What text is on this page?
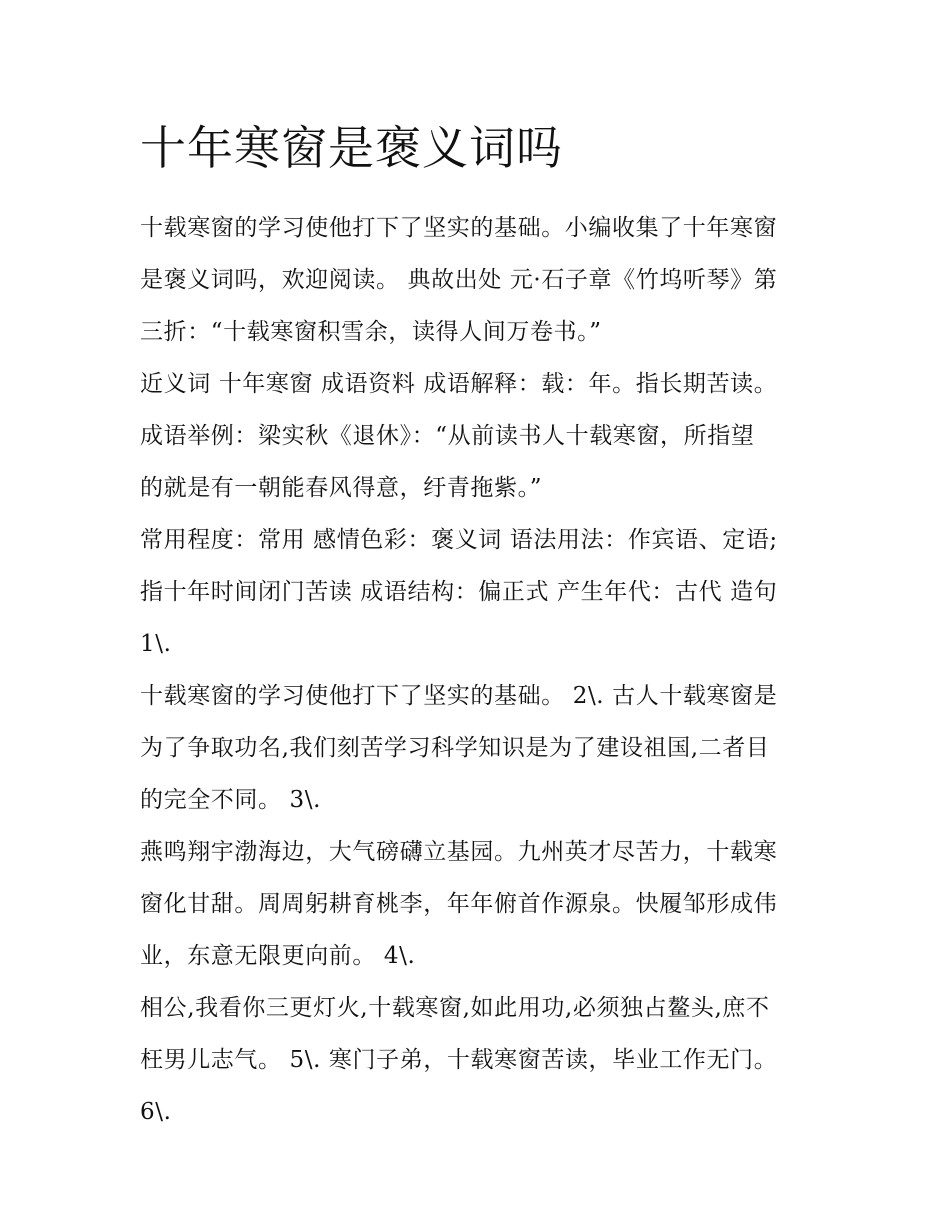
十年寒窗是褒义词吗

十载寒窗的学习使他打下了坚实的基础。小编收集了十年寒窗
是褒义词吗，欢迎阅读。 典故出处 元·石子章《竹坞听琴》第
三折：“十载寒窗积雪余，读得人间万卷书。”

近义词 十年寒窗 成语资料 成语解释：载：年。指长期苦读。
成语举例：梁实秋《退休》：“从前读书人十载寒窗，所指望
的就是有一朝能春风得意，纡青拖紫。”

常用程度：常用 感情色彩：褒义词 语法用法：作宾语、定语;
指十年时间闭门苦读 成语结构：偏正式 产生年代：古代 造句
1\.

十载寒窗的学习使他打下了坚实的基础。 2\. 古人十载寒窗是
为了争取功名,我们刻苦学习科学知识是为了建设祖国,二者目
的完全不同。 3\.

燕鸣翔宇渤海边，大气磅礴立基园。九州英才尽苦力，十载寒
窗化甘甜。周周躬耕育桃李，年年俯首作源泉。快履邹形成伟
业，东意无限更向前。 4\.

相公,我看你三更灯火,十载寒窗,如此用功,必须独占鳌头,庶不
枉男儿志气。 5\. 寒门子弟，十载寒窗苦读，毕业工作无门。
6\.
